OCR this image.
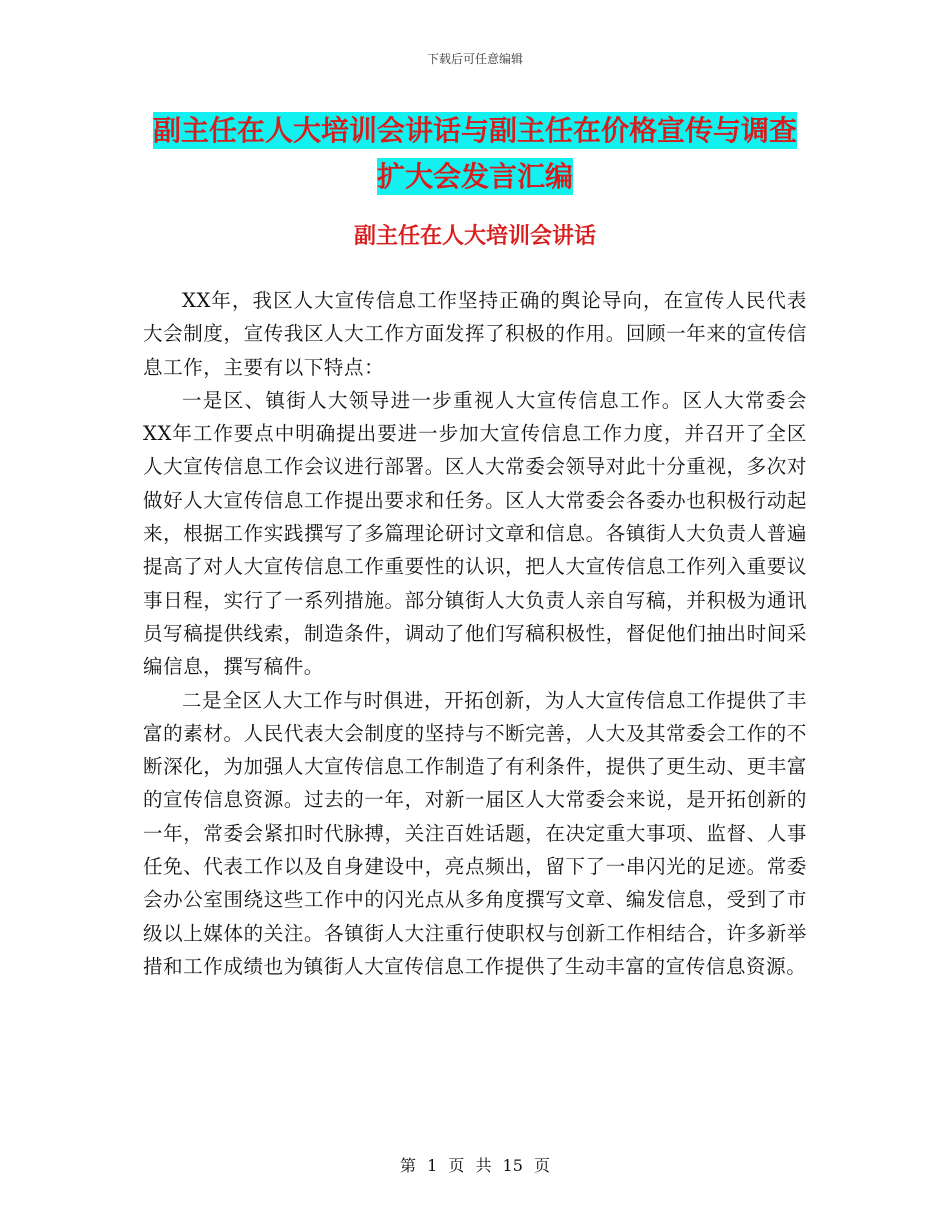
下载后可任意编辑
副主任在人大培训会讲话与副主任在价格宣传与调查
扩大会发言汇编
副主任在人大培训会讲话

XX年，我区人大宣传信息工作坚持正确的舆论导向，在宣传人民代表大会制度，宣传我区人大工作方面发挥了积极的作用。回顾一年来的宣传信息工作，主要有以下特点：

一是区、镇街人大领导进一步重视人大宣传信息工作。区人大常委会XX年工作要点中明确提出要进一步加大宣传信息工作力度，并召开了全区人大宣传信息工作会议进行部署。区人大常委会领导对此十分重视，多次对做好人大宣传信息工作提出要求和任务。区人大常委会各委办也积极行动起来，根据工作实践撰写了多篇理论研讨文章和信息。各镇街人大负责人普遍提高了对人大宣传信息工作重要性的认识，把人大宣传信息工作列入重要议事日程，实行了一系列措施。部分镇街人大负责人亲自写稿，并积极为通讯员写稿提供线索，制造条件，调动了他们写稿积极性，督促他们抽出时间采编信息，撰写稿件。

二是全区人大工作与时俱进，开拓创新，为人大宣传信息工作提供了丰富的素材。人民代表大会制度的坚持与不断完善，人大及其常委会工作的不断深化，为加强人大宣传信息工作制造了有利条件，提供了更生动、更丰富的宣传信息资源。过去的一年，对新一届区人大常委会来说，是开拓创新的一年，常委会紧扣时代脉搏，关注百姓话题，在决定重大事项、监督、人事任免、代表工作以及自身建设中，亮点频出，留下了一串闪光的足迹。常委会办公室围绕这些工作中的闪光点从多角度撰写文章、编发信息，受到了市级以上媒体的关注。各镇街人大注重行使职权与创新工作相结合，许多新举措和工作成绩也为镇街人大宣传信息工作提供了生动丰富的宣传信息资源。

第 1 页 共 15 页
